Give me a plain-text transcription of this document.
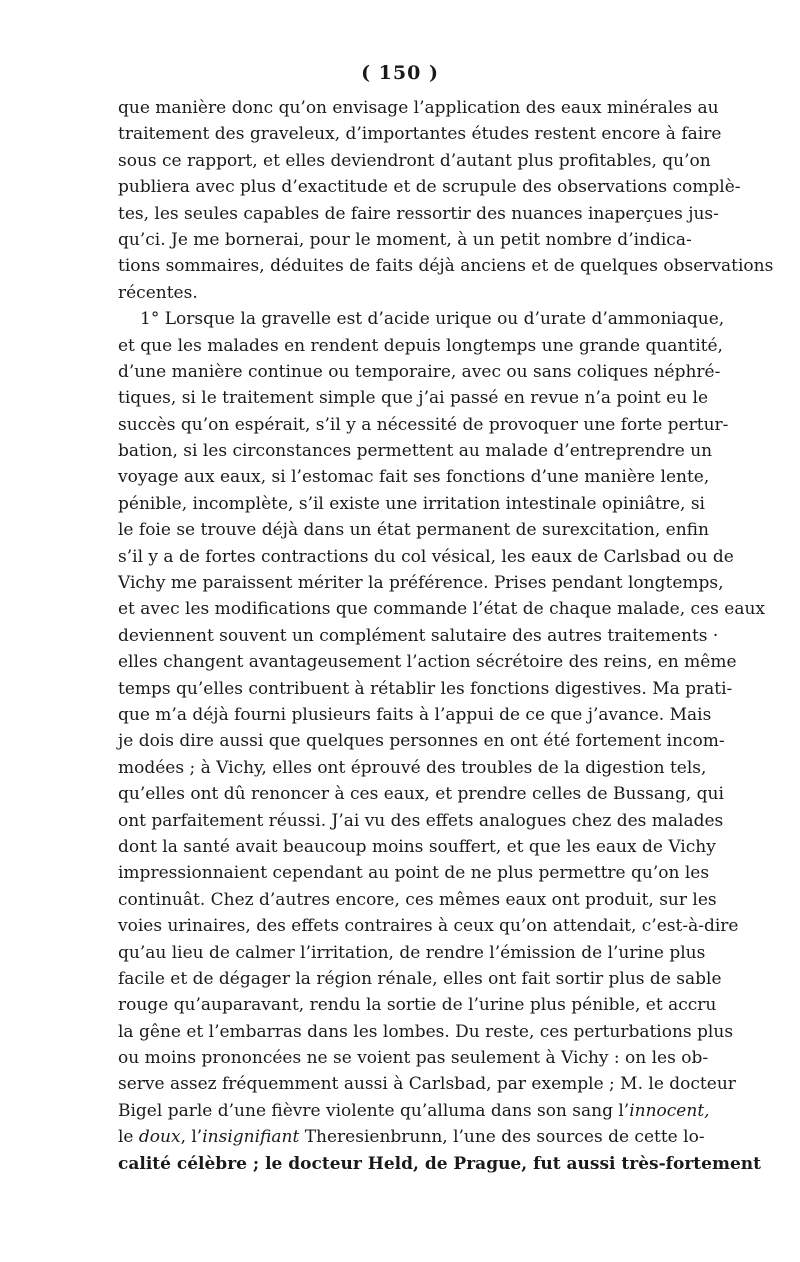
( 150 )
que manière donc qu’on envisage l’application des eaux minérales au
traitement des graveleux, d’importantes études restent encore à faire
sous ce rapport, et elles deviendront d’autant plus profitables, qu’on
publiera avec plus d’exactitude et de scrupule des observations complè-
tes, les seules capables de faire ressortir des nuances inaperçues jus-
qu’ci. Je me bornerai, pour le moment, à un petit nombre d’indica-
tions sommaires, déduites de faits déjà anciens et de quelques observations
récentes.
1° Lorsque la gravelle est d’acide urique ou d’urate d’ammoniaque,
et que les malades en rendent depuis longtemps une grande quantité,
d’une manière continue ou temporaire, avec ou sans coliques néphré-
tiques, si le traitement simple que j’ai passé en revue n’a point eu le
succès qu’on espérait, s’il y a nécessité de provoquer une forte pertur-
bation, si les circonstances permettent au malade d’entreprendre un
voyage aux eaux, si l’estomac fait ses fonctions d’une manière lente,
pénible, incomplète, s’il existe une irritation intestinale opiniâtre, si
le foie se trouve déjà dans un état permanent de surexcitation, enfin
s’il y a de fortes contractions du col vésical, les eaux de Carlsbad ou de
Vichy me paraissent mériter la préférence. Prises pendant longtemps,
et avec les modifications que commande l’état de chaque malade, ces eaux
deviennent souvent un complément salutaire des autres traitements ·
elles changent avantageusement l’action sécrétoire des reins, en même
temps qu’elles contribuent à rétablir les fonctions digestives. Ma prati-
que m’a déjà fourni plusieurs faits à l’appui de ce que j’avance. Mais
je dois dire aussi que quelques personnes en ont été fortement incom-
modées ; à Vichy, elles ont éprouvé des troubles de la digestion tels,
qu’elles ont dû renoncer à ces eaux, et prendre celles de Bussang, qui
ont parfaitement réussi. J’ai vu des effets analogues chez des malades
dont la santé avait beaucoup moins souffert, et que les eaux de Vichy
impressionnaient cependant au point de ne plus permettre qu’on les
continuât. Chez d’autres encore, ces mêmes eaux ont produit, sur les
voies urinaires, des effets contraires à ceux qu’on attendait, c’est-à-dire
qu’au lieu de calmer l’irritation, de rendre l’émission de l’urine plus
facile et de dégager la région rénale, elles ont fait sortir plus de sable
rouge qu’auparavant, rendu la sortie de l’urine plus pénible, et accru
la gêne et l’embarras dans les lombes. Du reste, ces perturbations plus
ou moins prononcées ne se voient pas seulement à Vichy : on les ob-
serve assez fréquemment aussi à Carlsbad, par exemple ; M. le docteur
Bigel parle d’une fièvre violente qu’alluma dans son sang l’innocent,
le doux, l’insignifiant Theresienbrunn, l’une des sources de cette lo-
calité célèbre ; le docteur Held, de Prague, fut aussi très-fortement
